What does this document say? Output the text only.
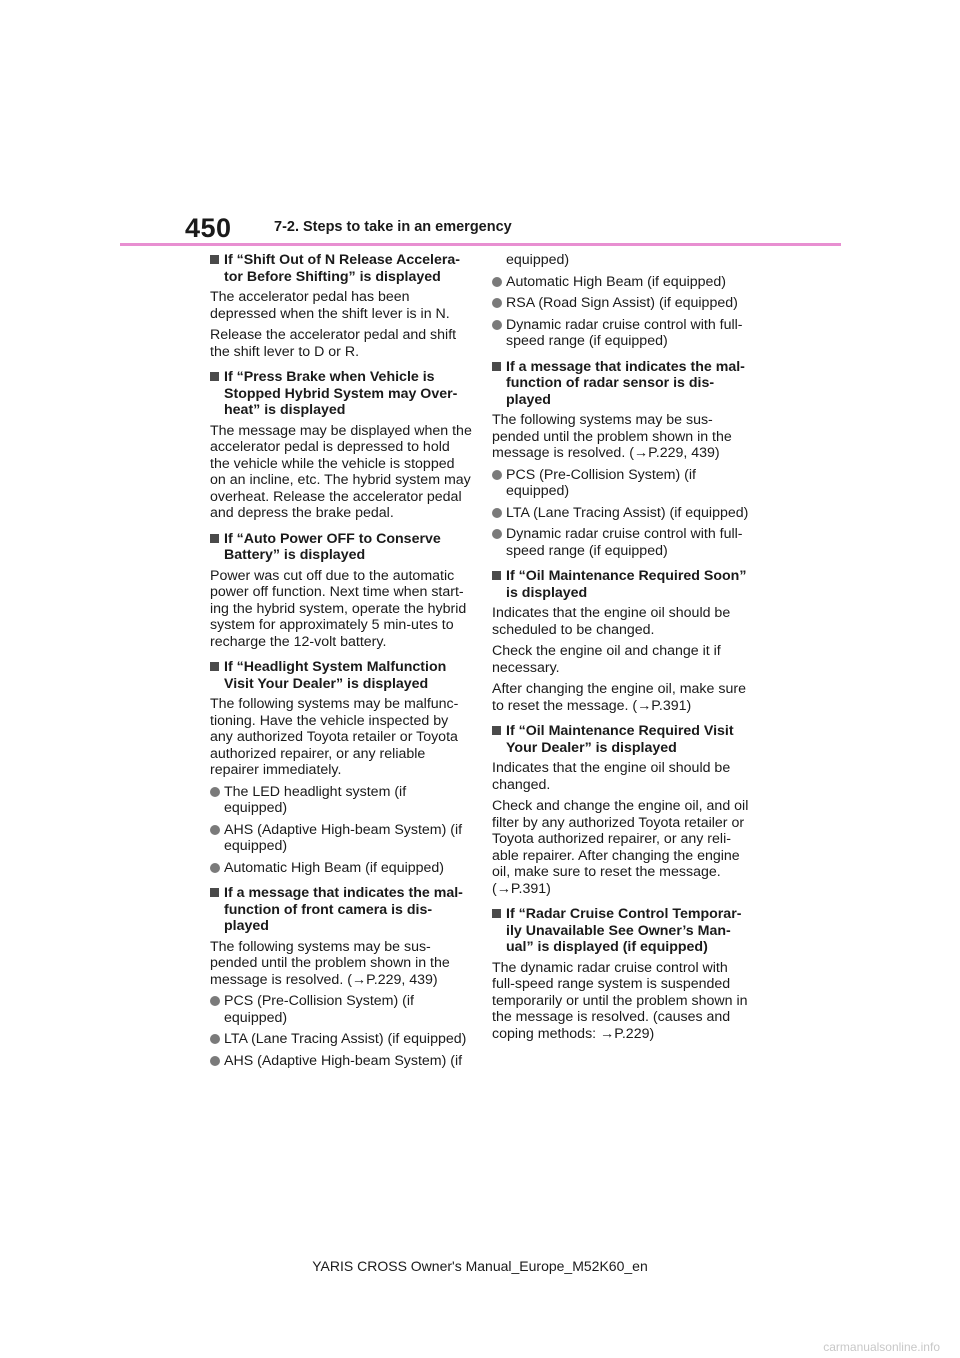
450	7-2. Steps to take in an emergency
If “Shift Out of N Release Accelera-tor Before Shifting” is displayed
The accelerator pedal has been depressed when the shift lever is in N.
Release the accelerator pedal and shift the shift lever to D or R.
If “Press Brake when Vehicle is Stopped Hybrid System may Over-heat” is displayed
The message may be displayed when the accelerator pedal is depressed to hold the vehicle while the vehicle is stopped on an incline, etc. The hybrid system may overheat. Release the accelerator pedal and depress the brake pedal.
If “Auto Power OFF to Conserve Battery” is displayed
Power was cut off due to the automatic power off function. Next time when start-ing the hybrid system, operate the hybrid system for approximately 5 min-utes to recharge the 12-volt battery.
If “Headlight System Malfunction Visit Your Dealer” is displayed
The following systems may be malfunc-tioning. Have the vehicle inspected by any authorized Toyota retailer or Toyota authorized repairer, or any reliable repairer immediately.
The LED headlight system (if equipped)
AHS (Adaptive High-beam System) (if equipped)
Automatic High Beam (if equipped)
If a message that indicates the mal-function of front camera is dis-played
The following systems may be sus-pended until the problem shown in the message is resolved. (→P.229, 439)
PCS (Pre-Collision System) (if equipped)
LTA (Lane Tracing Assist) (if equipped)
AHS (Adaptive High-beam System) (if
equipped)
Automatic High Beam (if equipped)
RSA (Road Sign Assist) (if equipped)
Dynamic radar cruise control with full-speed range (if equipped)
If a message that indicates the mal-function of radar sensor is dis-played
The following systems may be sus-pended until the problem shown in the message is resolved. (→P.229, 439)
PCS (Pre-Collision System) (if equipped)
LTA (Lane Tracing Assist) (if equipped)
Dynamic radar cruise control with full-speed range (if equipped)
If “Oil Maintenance Required Soon” is displayed
Indicates that the engine oil should be scheduled to be changed.
Check the engine oil and change it if necessary.
After changing the engine oil, make sure to reset the message. (→P.391)
If “Oil Maintenance Required Visit Your Dealer” is displayed
Indicates that the engine oil should be changed.
Check and change the engine oil, and oil filter by any authorized Toyota retailer or Toyota authorized repairer, or any reli-able repairer. After changing the engine oil, make sure to reset the message. (→P.391)
If “Radar Cruise Control Temporar-ily Unavailable See Owner’s Man-ual” is displayed (if equipped)
The dynamic radar cruise control with full-speed range system is suspended temporarily or until the problem shown in the message is resolved. (causes and coping methods: →P.229)
YARIS CROSS Owner's Manual_Europe_M52K60_en
carmanualsonline.info
